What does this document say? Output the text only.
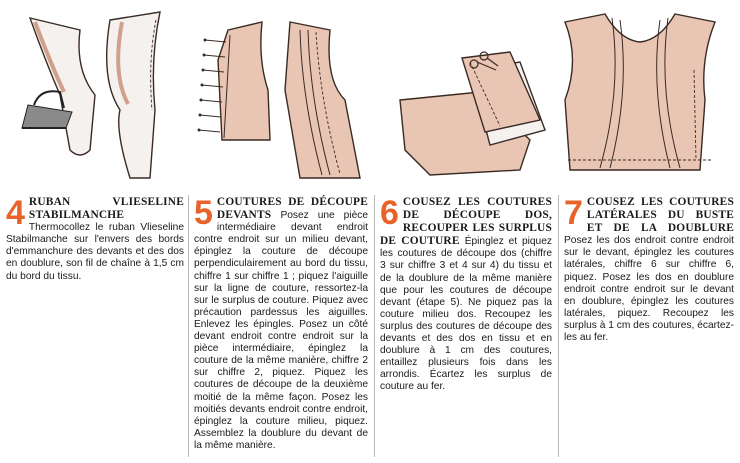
4 RUBAN VLIESELINE STABILMANCHE Thermocollez le ruban Vlieseline Stabilmanche sur l'envers des bords d'emmanchure des devants et des dos en doublure, son fil de chaîne à 1,5 cm du bord du tissu.
5 COUTURES DE DÉCOUPE DEVANTS Posez une pièce intermédiaire devant endroit contre endroit sur un milieu devant, épinglez la couture de découpe perpendiculairement au bord du tissu, chiffre 1 sur chiffre 1 ; piquez l'aiguille sur la ligne de couture, ressortez-la sur le surplus de couture. Piquez avec précaution pardessus les aiguilles. Enlevez les épingles. Posez un côté devant endroit contre endroit sur la pièce intermédiaire, épinglez la couture de la même manière, chiffre 2 sur chiffre 2, piquez. Piquez les coutures de découpe de la deuxième moitié de la même façon. Posez les moitiés devants endroit contre endroit, épinglez la couture milieu, piquez. Assemblez la doublure du devant de la même manière.
6 COUSEZ LES COUTURES DE DÉCOUPE DOS, RECOUPER LES SURPLUS DE COUTURE Épinglez et piquez les coutures de découpe dos (chiffre 3 sur chiffre 3 et 4 sur 4) du tissu et de la doublure de la même manière que pour les coutures de découpe devant (étape 5). Ne piquez pas la couture milieu dos. Recoupez les surplus des coutures de découpe des devants et des dos en tissu et en doublure à 1 cm des coutures, entaillez plusieurs fois dans les arrondis. Écartez les surplus de couture au fer.
7 COUSEZ LES COUTURES LATÉRALES DU BUSTE ET DE LA DOUBLURE Posez les dos endroit contre endroit sur le devant, épinglez les coutures latérales, chiffre 6 sur chiffre 6, piquez. Posez les dos en doublure endroit contre endroit sur le devant en doublure, épinglez les coutures latérales, piquez. Recoupez les surplus à 1 cm des coutures, écartez-les au fer.
